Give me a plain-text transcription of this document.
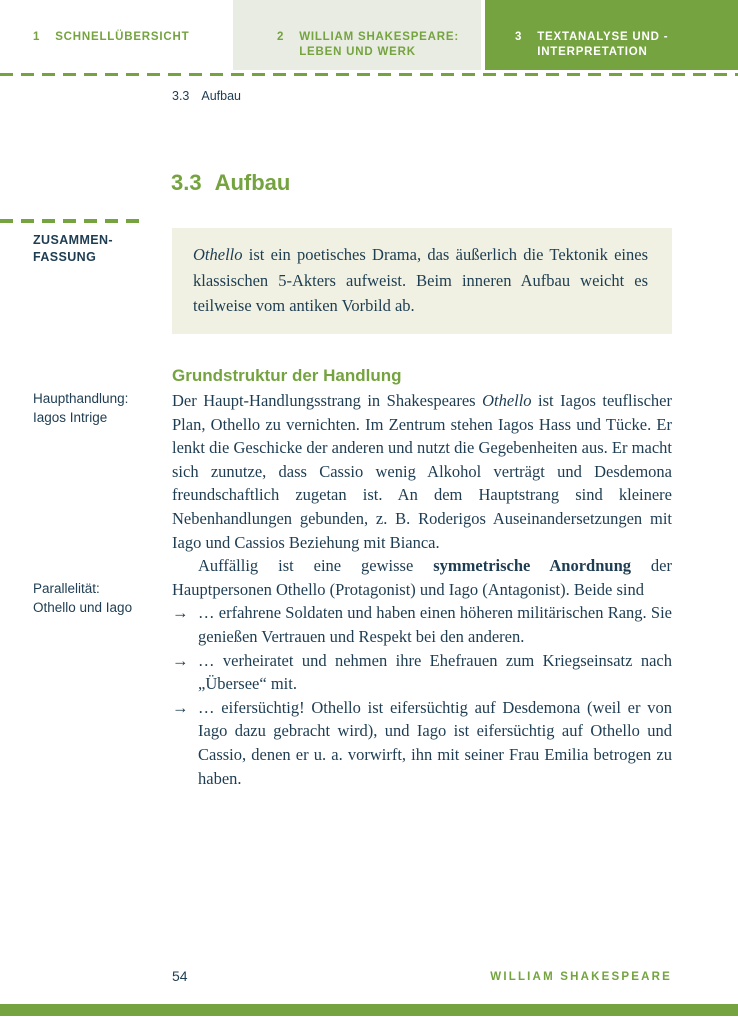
1 SCHNELLÜBERSICHT	2 WILLIAM SHAKESPEARE: LEBEN UND WERK
3 TEXTANALYSE UND -INTERPRETATION
3.3 Aufbau
3.3 Aufbau
ZUSAMMEN-
FASSUNG	Othello ist ein poetisches Drama, das äußerlich die Tektonik eines klassischen 5-Akters aufweist. Beim inneren Aufbau weicht es teilweise vom antiken Vorbild ab.
Haupthandlung:
Iagos Intrige
Parallelität:
Othello und Iago
Grundstruktur der Handlung

Der Haupt-Handlungsstrang in Shakespeares Othello ist Iagos teuflischer Plan, Othello zu vernichten. Im Zentrum stehen Iagos Hass und Tücke. Er lenkt die Geschicke der anderen und nutzt die Gegebenheiten aus. Er macht sich zunutze, dass Cassio wenig Alkohol verträgt und Desdemona freundschaftlich zugetan ist. An dem Hauptstrang sind kleinere Nebenhandlungen gebunden, z. B. Roderigos Auseinandersetzungen mit Iago und Cassios Beziehung mit Bianca.

Auffällig ist eine gewisse symmetrische Anordnung der Hauptpersonen Othello (Protagonist) und Iago (Antagonist). Beide sind

→ … erfahrene Soldaten und haben einen höheren militärischen Rang. Sie genießen Vertrauen und Respekt bei den anderen.
→ … verheiratet und nehmen ihre Ehefrauen zum Kriegseinsatz nach „Übersee“ mit.
→ … eifersüchtig! Othello ist eifersüchtig auf Desdemona (weil er von Iago dazu gebracht wird), und Iago ist eifersüchtig auf Othello und Cassio, denen er u. a. vorwirft, ihn mit seiner Frau Emilia betrogen zu haben.
54	WILLIAM SHAKESPEARE
